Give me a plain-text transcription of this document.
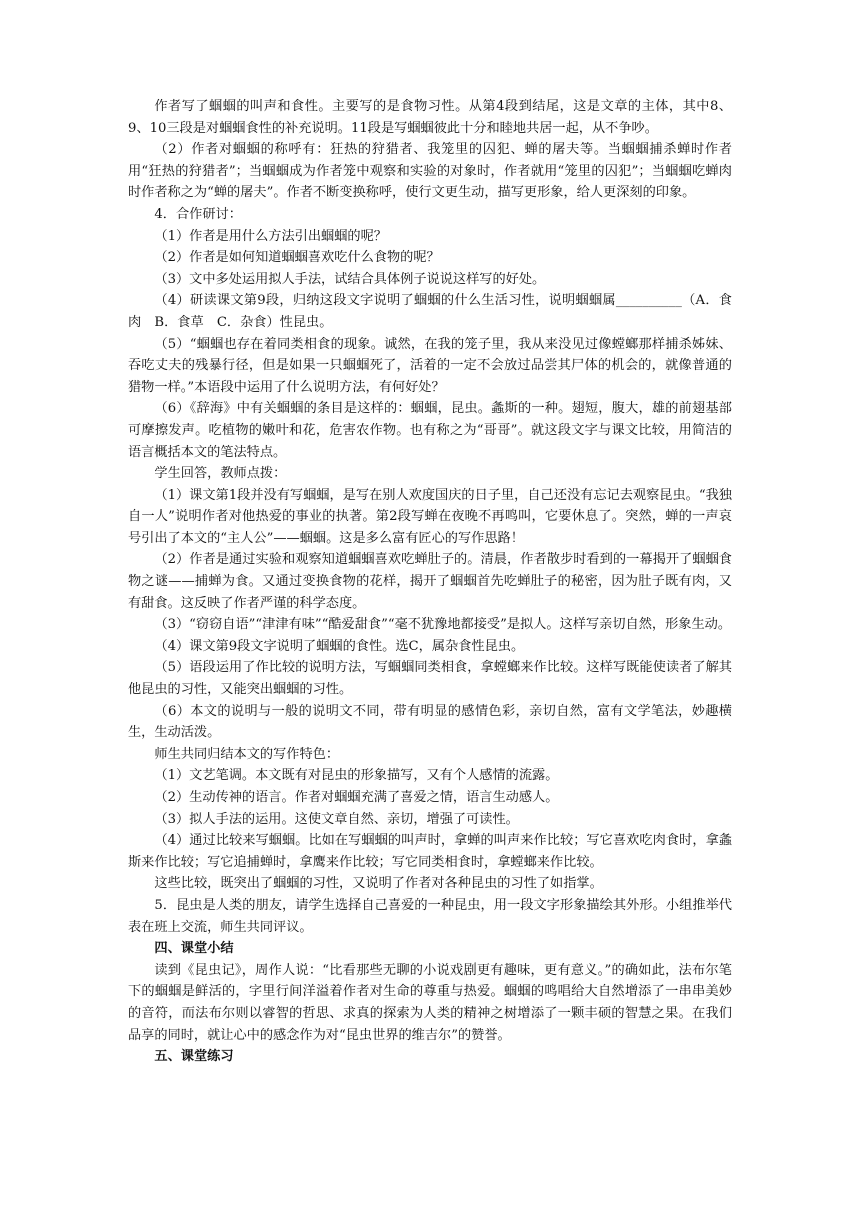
作者写了蝈蝈的叫声和食性。主要写的是食物习性。从第4段到结尾，这是文章的主体，其中8、9、10三段是对蝈蝈食性的补充说明。11段是写蝈蝈彼此十分和睦地共居一起，从不争吵。

（2）作者对蝈蝈的称呼有：狂热的狩猎者、我笼里的囚犯、蝉的屠夫等。当蝈蝈捕杀蝉时作者用“狂热的狩猎者”；当蝈蝈成为作者笼中观察和实验的对象时，作者就用“笼里的囚犯”；当蝈蝈吃蝉肉时作者称之为“蝉的屠夫”。作者不断变换称呼，使行文更生动，描写更形象，给人更深刻的印象。

4．合作研讨：

（1）作者是用什么方法引出蝈蝈的呢？

（2）作者是如何知道蝈蝈喜欢吃什么食物的呢？

（3）文中多处运用拟人手法，试结合具体例子说说这样写的好处。

（4）研读课文第9段，归纳这段文字说明了蝈蝈的什么生活习性，说明蝈蝈属__________（A．食肉　B．食草　C．杂食）性昆虫。

（5）“蝈蝈也存在着同类相食的现象。诚然，在我的笼子里，我从来没见过像螳螂那样捕杀姊妹、吞吃丈夫的残暴行径，但是如果一只蝈蝈死了，活着的一定不会放过品尝其尸体的机会的，就像普通的猎物一样。”本语段中运用了什么说明方法，有何好处？

（6）《辞海》中有关蝈蝈的条目是这样的：蝈蝈，昆虫。螽斯的一种。翅短，腹大，雄的前翅基部可摩擦发声。吃植物的嫩叶和花，危害农作物。也有称之为“哥哥”。就这段文字与课文比较，用简洁的语言概括本文的笔法特点。

学生回答，教师点拨：

（1）课文第1段并没有写蝈蝈，是写在别人欢度国庆的日子里，自己还没有忘记去观察昆虫。“我独自一人”说明作者对他热爱的事业的执著。第2段写蝉在夜晚不再鸣叫，它要休息了。突然，蝉的一声哀号引出了本文的“主人公”——蝈蝈。这是多么富有匠心的写作思路！

（2）作者是通过实验和观察知道蝈蝈喜欢吃蝉肚子的。清晨，作者散步时看到的一幕揭开了蝈蝈食物之谜——捕蝉为食。又通过变换食物的花样，揭开了蝈蝈首先吃蝉肚子的秘密，因为肚子既有肉，又有甜食。这反映了作者严谨的科学态度。

（3）“窃窃自语”“津津有味”“酷爱甜食”“毫不犹豫地都接受”是拟人。这样写亲切自然，形象生动。

（4）课文第9段文字说明了蝈蝈的食性。选C，属杂食性昆虫。

（5）语段运用了作比较的说明方法，写蝈蝈同类相食，拿螳螂来作比较。这样写既能使读者了解其他昆虫的习性，又能突出蝈蝈的习性。

（6）本文的说明与一般的说明文不同，带有明显的感情色彩，亲切自然，富有文学笔法，妙趣横生，生动活泼。

师生共同归结本文的写作特色：

（1）文艺笔调。本文既有对昆虫的形象描写，又有个人感情的流露。

（2）生动传神的语言。作者对蝈蝈充满了喜爱之情，语言生动感人。

（3）拟人手法的运用。这使文章自然、亲切，增强了可读性。

（4）通过比较来写蝈蝈。比如在写蝈蝈的叫声时，拿蝉的叫声来作比较；写它喜欢吃肉食时，拿螽斯来作比较；写它追捕蝉时，拿鹰来作比较；写它同类相食时，拿螳螂来作比较。

这些比较，既突出了蝈蝈的习性，又说明了作者对各种昆虫的习性了如指掌。

5．昆虫是人类的朋友，请学生选择自己喜爱的一种昆虫，用一段文字形象描绘其外形。小组推举代表在班上交流，师生共同评议。

四、课堂小结

读到《昆虫记》，周作人说：“比看那些无聊的小说戏剧更有趣味，更有意义。”的确如此，法布尔笔下的蝈蝈是鲜活的，字里行间洋溢着作者对生命的尊重与热爱。蝈蝈的鸣唱给大自然增添了一串串美妙的音符，而法布尔则以睿智的哲思、求真的探索为人类的精神之树增添了一颗丰硕的智慧之果。在我们品享的同时，就让心中的感念作为对“昆虫世界的维吉尔”的赞誉。

五、课堂练习
